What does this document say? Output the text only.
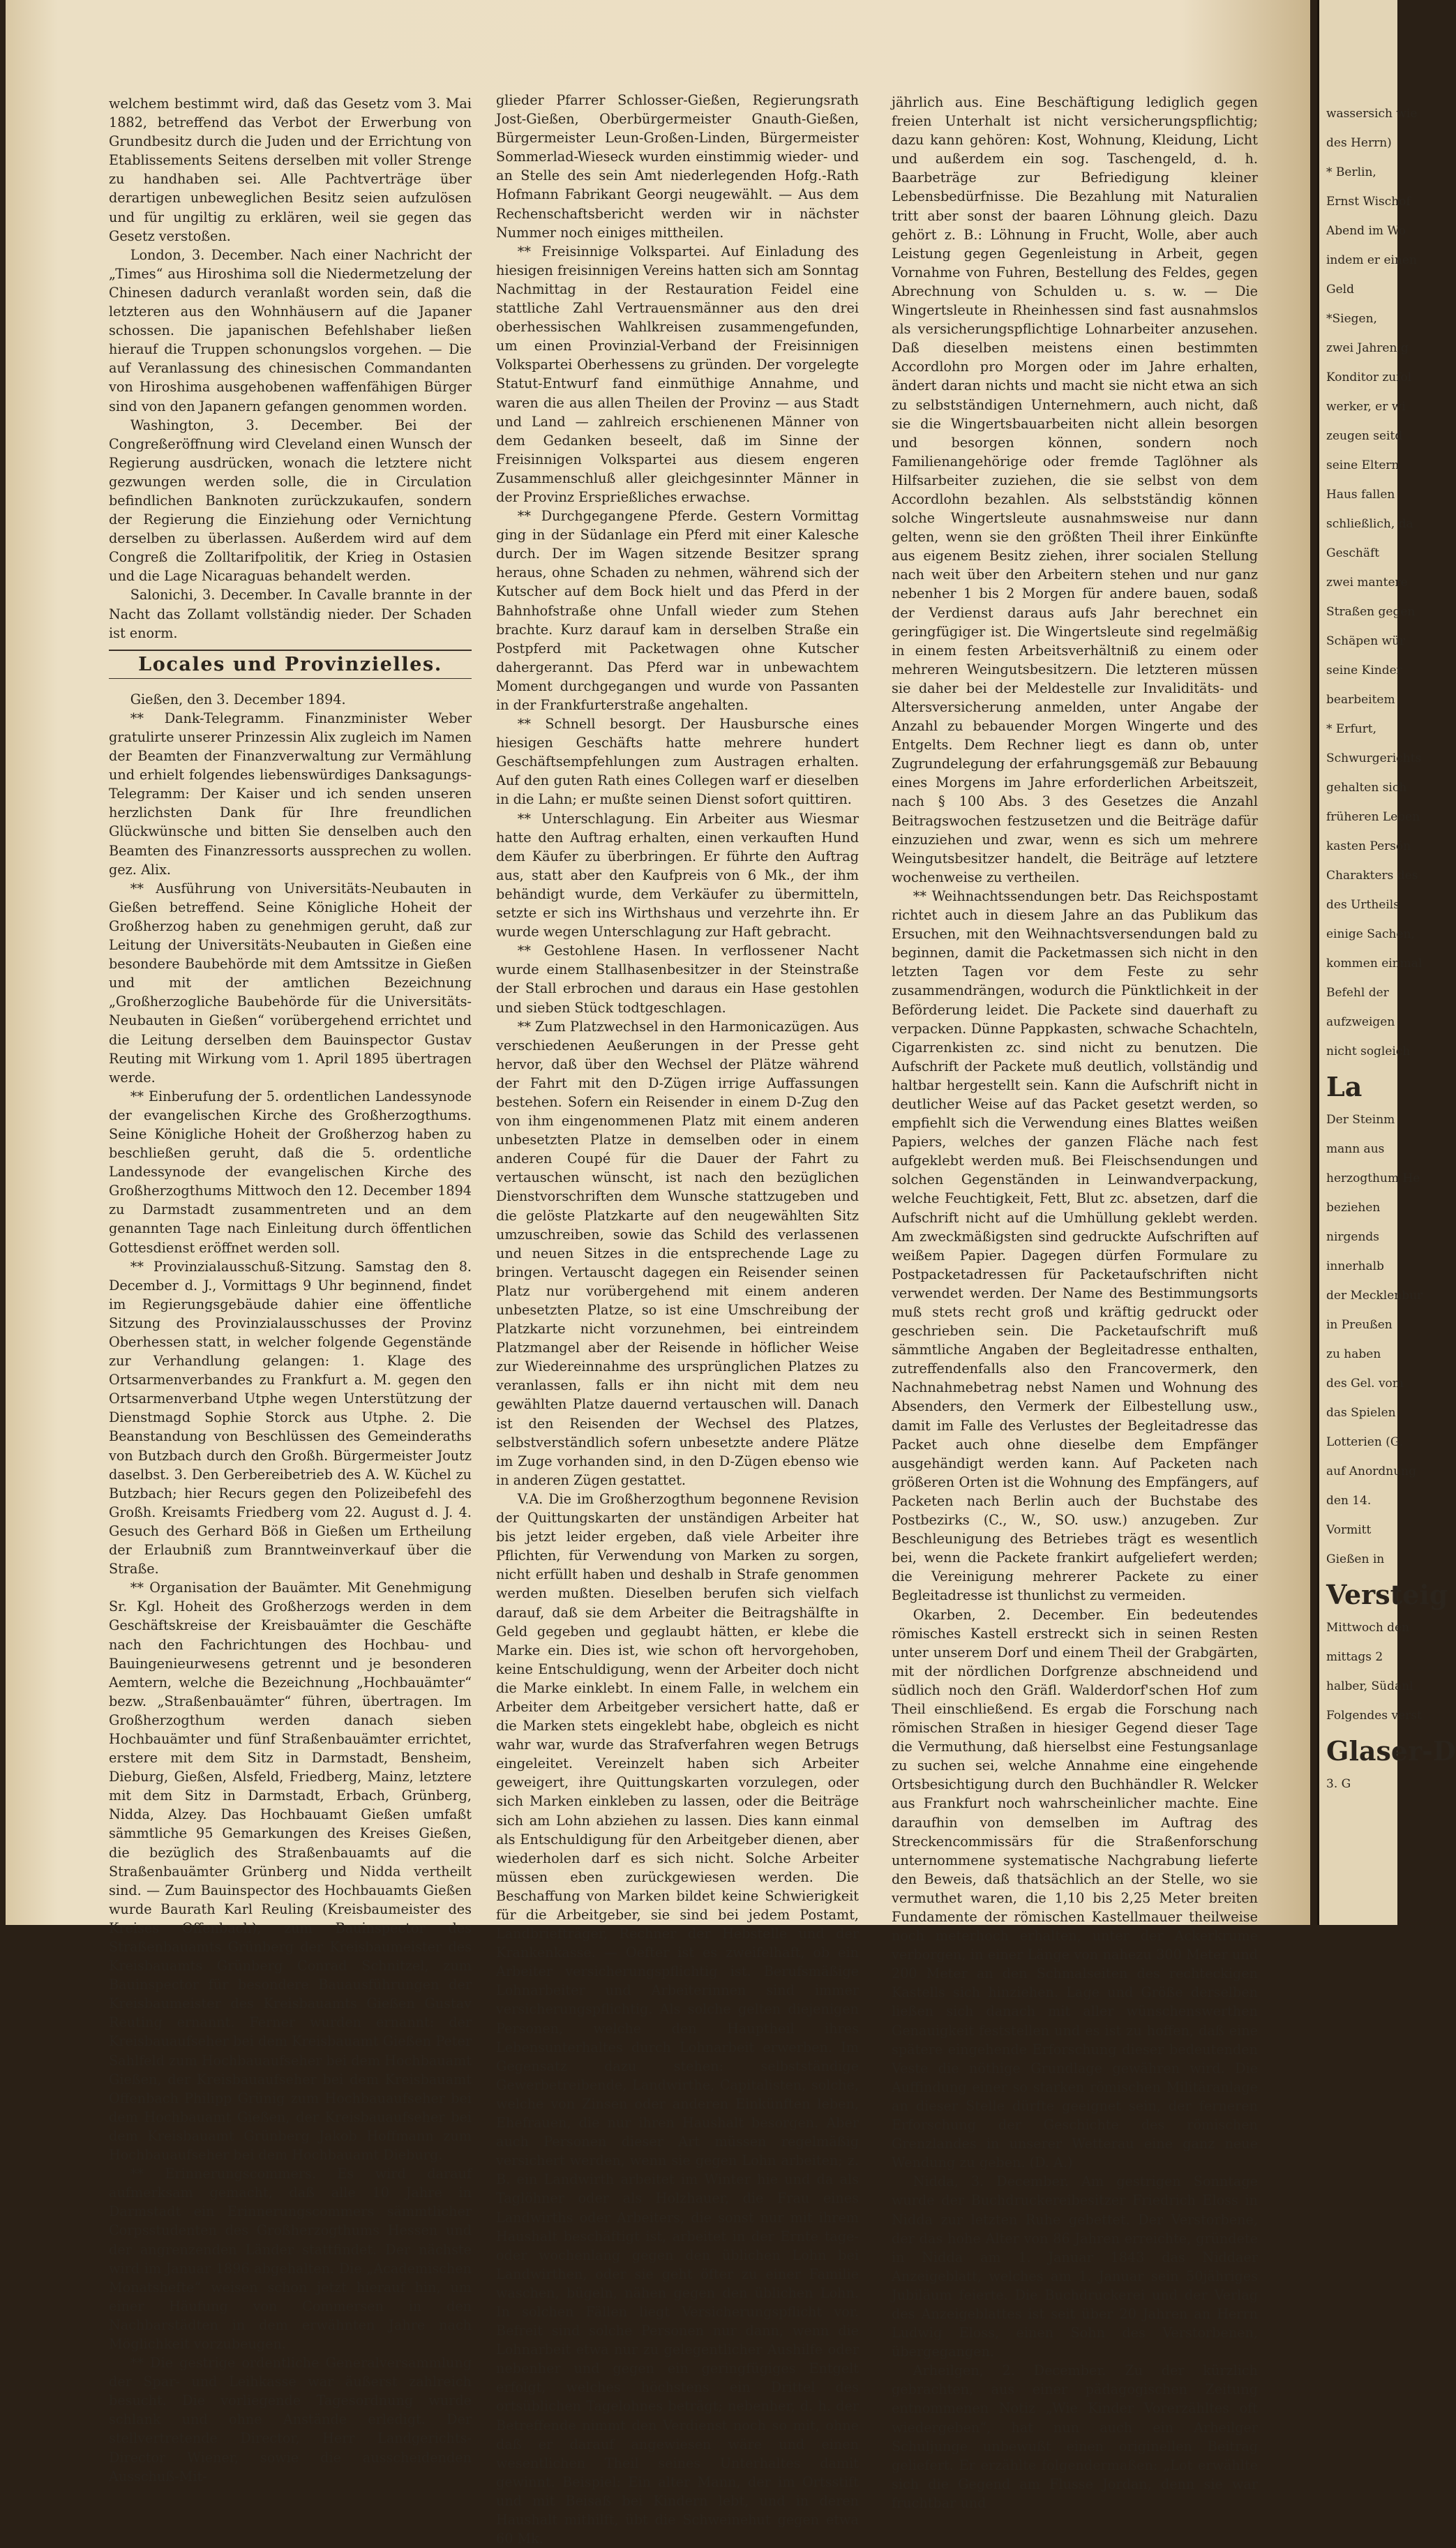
welchem bestimmt wird, daß das Gesetz vom 3. Mai 1882, betreffend das Verbot der Erwerbung von Grundbesitz durch die Juden und der Errichtung von Etablissements Seitens derselben mit voller Strenge zu handhaben sei. Alle Pachtverträge über derartigen unbeweglichen Besitz seien aufzulösen und für ungiltig zu erklären, weil sie gegen das Gesetz verstoßen.

London, 3. December. Nach einer Nachricht der „Times“ aus Hiroshima soll die Niedermetzelung der Chinesen dadurch veranlaßt worden sein, daß die letzteren aus den Wohnhäusern auf die Japaner schossen. Die japanischen Befehlshaber ließen hierauf die Truppen schonungslos vorgehen. — Die auf Veranlassung des chinesischen Commandanten von Hiroshima ausgehobenen waffenfähigen Bürger sind von den Japanern gefangen genommen worden.

Washington, 3. December. Bei der Congreßeröffnung wird Cleveland einen Wunsch der Regierung ausdrücken, wonach die letztere nicht gezwungen werden solle, die in Circulation befindlichen Banknoten zurückzukaufen, sondern der Regierung die Einziehung oder Vernichtung derselben zu überlassen. Außerdem wird auf dem Congreß die Zolltarifpolitik, der Krieg in Ostasien und die Lage Nicaraguas behandelt werden.

Salonichi, 3. December. In Cavalle brannte in der Nacht das Zollamt vollständig nieder. Der Schaden ist enorm.

Locales und Provinzielles.

Gießen, den 3. December 1894.

** Dank-Telegramm. Finanzminister Weber gratulirte unserer Prinzessin Alix zugleich im Namen der Beamten der Finanzverwaltung zur Vermählung und erhielt folgendes liebenswürdiges Danksagungs-Telegramm: Der Kaiser und ich senden unseren herzlichsten Dank für Ihre freundlichen Glückwünsche und bitten Sie denselben auch den Beamten des Finanzressorts aussprechen zu wollen. gez. Alix.

** Ausführung von Universitäts-Neubauten in Gießen betreffend. Seine Königliche Hoheit der Großherzog haben zu genehmigen geruht, daß zur Leitung der Universitäts-Neubauten in Gießen eine besondere Baubehörde mit dem Amtssitze in Gießen und mit der amtlichen Bezeichnung „Großherzogliche Baubehörde für die Universitäts-Neubauten in Gießen“ vorübergehend errichtet und die Leitung derselben dem Bauinspector Gustav Reuting mit Wirkung vom 1. April 1895 übertragen werde.

** Einberufung der 5. ordentlichen Landessynode der evangelischen Kirche des Großherzogthums. Seine Königliche Hoheit der Großherzog haben zu beschließen geruht, daß die 5. ordentliche Landessynode der evangelischen Kirche des Großherzogthums Mittwoch den 12. December 1894 zu Darmstadt zusammentreten und an dem genannten Tage nach Einleitung durch öffentlichen Gottesdienst eröffnet werden soll.

** Provinzialausschuß-Sitzung. Samstag den 8. December d. J., Vormittags 9 Uhr beginnend, findet im Regierungsgebäude dahier eine öffentliche Sitzung des Provinzialausschusses der Provinz Oberhessen statt, in welcher folgende Gegenstände zur Verhandlung gelangen: 1. Klage des Ortsarmenverbandes zu Frankfurt a. M. gegen den Ortsarmenverband Utphe wegen Unterstützung der Dienstmagd Sophie Storck aus Utphe. 2. Die Beanstandung von Beschlüssen des Gemeinderaths von Butzbach durch den Großh. Bürgermeister Joutz daselbst. 3. Den Gerbereibetrieb des A. W. Küchel zu Butzbach; hier Recurs gegen den Polizeibefehl des Großh. Kreisamts Friedberg vom 22. August d. J. 4. Gesuch des Gerhard Böß in Gießen um Ertheilung der Erlaubniß zum Branntweinverkauf über die Straße.

** Organisation der Bauämter. Mit Genehmigung Sr. Kgl. Hoheit des Großherzogs werden in dem Geschäftskreise der Kreisbauämter die Geschäfte nach den Fachrichtungen des Hochbau- und Bauingenieurwesens getrennt und je besonderen Aemtern, welche die Bezeichnung „Hochbauämter“ bezw. „Straßenbauämter“ führen, übertragen. Im Großherzogthum werden danach sieben Hochbauämter und fünf Straßenbauämter errichtet, erstere mit dem Sitz in Darmstadt, Bensheim, Dieburg, Gießen, Alsfeld, Friedberg, Mainz, letztere mit dem Sitz in Darmstadt, Erbach, Grünberg, Nidda, Alzey. Das Hochbauamt Gießen umfaßt sämmtliche 95 Gemarkungen des Kreises Gießen, die bezüglich des Straßenbauamts auf die Straßenbauämter Grünberg und Nidda vertheilt sind. — Zum Bauinspector des Hochbauamts Gießen wurde Baurath Karl Reuling (Kreisbaumeister des Kreises Offenbach), zum Bauinspector des Straßenbauamts Grünberg der Kreisbaumeister des Kreisbauamts Grünberg Conrad Schnitzel, zum Bauinspector für besondere Bauausführungen der Kreisbaumeister des Kreisbauamts Gießen Gustav Reuting ernannt. Ferner wurden ernannt: der Kreisbauaufseher bei dem Kreisbauamt Gießen Peter Sahlfeld zum Hochbauaufseher bei dem Hochbauamt Gießen, der Kreisbauaufseher bei dem Kreisbauamt Offenbach Philipp Grünig zum Hochbauaufseher bei dem Hochbauamt Gießen, der Kreisbauaufseher bei dem Kreisbauamt Grünberg Jakob Hoffmann zum Hochbauaufseher bei dem Hochbauamt Dieburg.

** Erinnerungscommers. Es wird darauf aufmerksam gemacht, daß alle 10 Jahre in Darmstadt ein Erinnerungscommers sämmtlicher Corpsstudenten des Großherzogthums Hessen und der angrenzenden Länder stattfindet. Der nächste wird im Januar 1896 abgehalten. Die „Academischen Monatshefte“ weisen schon jetzt hierauf hin, um einer Häufung von Commersen in den Nachbarstädten in dem erwähnten Jahre nach Möglichkeit vorzubeugen.

** Die gestrige ordentliche Generalversammlung der Spar- und Leihkasse war äußerst zahlreich besucht. Die vorliegende Tagesordnung wurde schlank und ohne Anstände erledigt. Der stellvertretende Director, Herr Landgerichts-Director Wiener, sowie die ausscheidenden Ausschuß-Mit-

glieder Pfarrer Schlosser-Gießen, Regierungsrath Jost-Gießen, Oberbürgermeister Gnauth-Gießen, Bürgermeister Leun-Großen-Linden, Bürgermeister Sommerlad-Wieseck wurden einstimmig wieder- und an Stelle des sein Amt niederlegenden Hofg.-Rath Hofmann Fabrikant Georgi neugewählt. — Aus dem Rechenschaftsbericht werden wir in nächster Nummer noch einiges mittheilen.

** Freisinnige Volkspartei. Auf Einladung des hiesigen freisinnigen Vereins hatten sich am Sonntag Nachmittag in der Restauration Feidel eine stattliche Zahl Vertrauensmänner aus den drei oberhessischen Wahlkreisen zusammengefunden, um einen Provinzial-Verband der Freisinnigen Volkspartei Oberhessens zu gründen. Der vorgelegte Statut-Entwurf fand einmüthige Annahme, und waren die aus allen Theilen der Provinz — aus Stadt und Land — zahlreich erschienenen Männer von dem Gedanken beseelt, daß im Sinne der Freisinnigen Volkspartei aus diesem engeren Zusammenschluß aller gleichgesinnter Männer in der Provinz Ersprießliches erwachse.

** Durchgegangene Pferde. Gestern Vormittag ging in der Südanlage ein Pferd mit einer Kalesche durch. Der im Wagen sitzende Besitzer sprang heraus, ohne Schaden zu nehmen, während sich der Kutscher auf dem Bock hielt und das Pferd in der Bahnhofstraße ohne Unfall wieder zum Stehen brachte. Kurz darauf kam in derselben Straße ein Postpferd mit Packetwagen ohne Kutscher dahergerannt. Das Pferd war in unbewachtem Moment durchgegangen und wurde von Passanten in der Frankfurterstraße angehalten.

** Schnell besorgt. Der Hausbursche eines hiesigen Geschäfts hatte mehrere hundert Geschäftsempfehlungen zum Austragen erhalten. Auf den guten Rath eines Collegen warf er dieselben in die Lahn; er mußte seinen Dienst sofort quittiren.

** Unterschlagung. Ein Arbeiter aus Wiesmar hatte den Auftrag erhalten, einen verkauften Hund dem Käufer zu überbringen. Er führte den Auftrag aus, statt aber den Kaufpreis von 6 Mk., der ihm behändigt wurde, dem Verkäufer zu übermitteln, setzte er sich ins Wirthshaus und verzehrte ihn. Er wurde wegen Unterschlagung zur Haft gebracht.

** Gestohlene Hasen. In verflossener Nacht wurde einem Stallhasenbesitzer in der Steinstraße der Stall erbrochen und daraus ein Hase gestohlen und sieben Stück todtgeschlagen.

** Zum Platzwechsel in den Harmonicazügen. Aus verschiedenen Aeußerungen in der Presse geht hervor, daß über den Wechsel der Plätze während der Fahrt mit den D-Zügen irrige Auffassungen bestehen. Sofern ein Reisender in einem D-Zug den von ihm eingenommenen Platz mit einem anderen unbesetzten Platze in demselben oder in einem anderen Coupé für die Dauer der Fahrt zu vertauschen wünscht, ist nach den bezüglichen Dienstvorschriften dem Wunsche stattzugeben und die gelöste Platzkarte auf den neugewählten Sitz umzuschreiben, sowie das Schild des verlassenen und neuen Sitzes in die entsprechende Lage zu bringen. Vertauscht dagegen ein Reisender seinen Platz nur vorübergehend mit einem anderen unbesetzten Platze, so ist eine Umschreibung der Platzkarte nicht vorzunehmen, bei eintreindem Platzmangel aber der Reisende in höflicher Weise zur Wiedereinnahme des ursprünglichen Platzes zu veranlassen, falls er ihn nicht mit dem neu gewählten Platze dauernd vertauschen will. Danach ist den Reisenden der Wechsel des Platzes, selbstverständlich sofern unbesetzte andere Plätze im Zuge vorhanden sind, in den D-Zügen ebenso wie in anderen Zügen gestattet.

V.A. Die im Großherzogthum begonnene Revision der Quittungskarten der unständigen Arbeiter hat bis jetzt leider ergeben, daß viele Arbeiter ihre Pflichten, für Verwendung von Marken zu sorgen, nicht erfüllt haben und deshalb in Strafe genommen werden mußten. Dieselben berufen sich vielfach darauf, daß sie dem Arbeiter die Beitragshälfte in Geld gegeben und geglaubt hätten, er klebe die Marke ein. Dies ist, wie schon oft hervorgehoben, keine Entschuldigung, wenn der Arbeiter doch nicht die Marke einklebt. In einem Falle, in welchem ein Arbeiter dem Arbeitgeber versichert hatte, daß er die Marken stets eingeklebt habe, obgleich es nicht wahr war, wurde das Strafverfahren wegen Betrugs eingeleitet. Vereinzelt haben sich Arbeiter geweigert, ihre Quittungskarten vorzulegen, oder sich Marken einkleben zu lassen, oder die Beiträge sich am Lohn abziehen zu lassen. Dies kann einmal als Entschuldigung für den Arbeitgeber dienen, aber wiederholen darf es sich nicht. Solche Arbeiter müssen eben zurückgewiesen werden. Die Beschaffung von Marken bildet keine Schwierigkeit für die Arbeitgeber, sie sind bei jedem Postamt, Landbriefträger, Rechner der Hebstelle und der Krankenkasse. — Oefter ist es zweifelhaft, ob ein Arbeiter versicherungspflichtig ist. Berufsmäßige Lohnarbeiter und Arbeiterinnen sind immer versicherungspflichtig. Als solche gelten diejenigen Personen, welche den Hauptheil ihres Lebensunterhaltes durch Lohnarbeit erwerben. Im Gegensatz dazu stehen: selbstständige Gewerbetreibende, Landwirthe, Capitalisten, solche, welche von Zinsen oder anderen Einkünften leben, Ehefrauen, die nur ihren Haushalt besorgen. Aber auch Personen dieser Art müssen regelmäßig versichert werden, wenn sie gegen Lohn arbeiten; z. B. ein Landwirth arbeitet im Winter hie und da als Taglöhner oder als Holzhauer, die Frau eines Landwirths oder Arbeiters, die sonst nur mit ihrem Haushalt beschäftigt ist, arbeitet in der Ernte tage- oder wochenlang gegen den üblichen Lohn bei Landwirthen, oder sie geht öfter zu einer Familie waschen, bügeln, nähen gegen den üblichen Lohn. In solchen Fällen liegt Versicherungspflicht vor. Befreit sind solche Personen nur dann, wenn die Lohnarbeit etwa nur zu gelegentlicher Aushilfe oder nebenher und gegen ein geringfügiges Entgelt erfolgt, welches höchstens ein Drittel des ortsüblichen Tagelohnes beträgt; nebenher, d. h. der Betreffende nimmt den Verdienst noch so mit, ohne daß er darauf angewiesen wäre und einen wesentlichen Theil seines Unterhaltes damit gewinnt. Beispiel: Ein alter Mann, der im Ortsstift und mit Beisaß bei Kindern lebt, und in deren Haushalt mithilft, übt die Schweinehut gegen etwa 60 Mk.

jährlich aus. Eine Beschäftigung lediglich gegen freien Unterhalt ist nicht versicherungspflichtig; dazu kann gehören: Kost, Wohnung, Kleidung, Licht und außerdem ein sog. Taschengeld, d. h. Baarbeträge zur Befriedigung kleiner Lebensbedürfnisse. Die Bezahlung mit Naturalien tritt aber sonst der baaren Löhnung gleich. Dazu gehört z. B.: Löhnung in Frucht, Wolle, aber auch Leistung gegen Gegenleistung in Arbeit, gegen Vornahme von Fuhren, Bestellung des Feldes, gegen Abrechnung von Schulden u. s. w. — Die Wingertsleute in Rheinhessen sind fast ausnahmslos als versicherungspflichtige Lohnarbeiter anzusehen. Daß dieselben meistens einen bestimmten Accordlohn pro Morgen oder im Jahre erhalten, ändert daran nichts und macht sie nicht etwa an sich zu selbstständigen Unternehmern, auch nicht, daß sie die Wingertsbauarbeiten nicht allein besorgen und besorgen können, sondern noch Familienangehörige oder fremde Taglöhner als Hilfsarbeiter zuziehen, die sie selbst von dem Accordlohn bezahlen. Als selbstständig können solche Wingertsleute ausnahmsweise nur dann gelten, wenn sie den größten Theil ihrer Einkünfte aus eigenem Besitz ziehen, ihrer socialen Stellung nach weit über den Arbeitern stehen und nur ganz nebenher 1 bis 2 Morgen für andere bauen, sodaß der Verdienst daraus aufs Jahr berechnet ein geringfügiger ist. Die Wingertsleute sind regelmäßig in einem festen Arbeitsverhältniß zu einem oder mehreren Weingutsbesitzern. Die letzteren müssen sie daher bei der Meldestelle zur Invaliditäts- und Altersversicherung anmelden, unter Angabe der Anzahl zu bebauender Morgen Wingerte und des Entgelts. Dem Rechner liegt es dann ob, unter Zugrundelegung der erfahrungsgemäß zur Bebauung eines Morgens im Jahre erforderlichen Arbeitszeit, nach § 100 Abs. 3 des Gesetzes die Anzahl Beitragswochen festzusetzen und die Beiträge dafür einzuziehen und zwar, wenn es sich um mehrere Weingutsbesitzer handelt, die Beiträge auf letztere wochenweise zu vertheilen.

** Weihnachtssendungen betr. Das Reichspostamt richtet auch in diesem Jahre an das Publikum das Ersuchen, mit den Weihnachtsversendungen bald zu beginnen, damit die Packetmassen sich nicht in den letzten Tagen vor dem Feste zu sehr zusammendrängen, wodurch die Pünktlichkeit in der Beförderung leidet. Die Packete sind dauerhaft zu verpacken. Dünne Pappkasten, schwache Schachteln, Cigarrenkisten zc. sind nicht zu benutzen. Die Aufschrift der Packete muß deutlich, vollständig und haltbar hergestellt sein. Kann die Aufschrift nicht in deutlicher Weise auf das Packet gesetzt werden, so empfiehlt sich die Verwendung eines Blattes weißen Papiers, welches der ganzen Fläche nach fest aufgeklebt werden muß. Bei Fleischsendungen und solchen Gegenständen in Leinwandverpackung, welche Feuchtigkeit, Fett, Blut zc. absetzen, darf die Aufschrift nicht auf die Umhüllung geklebt werden. Am zweckmäßigsten sind gedruckte Aufschriften auf weißem Papier. Dagegen dürfen Formulare zu Postpacketadressen für Packetaufschriften nicht verwendet werden. Der Name des Bestimmungsorts muß stets recht groß und kräftig gedruckt oder geschrieben sein. Die Packetaufschrift muß sämmtliche Angaben der Begleitadresse enthalten, zutreffendenfalls also den Francovermerk, den Nachnahmebetrag nebst Namen und Wohnung des Absenders, den Vermerk der Eilbestellung usw., damit im Falle des Verlustes der Begleitadresse das Packet auch ohne dieselbe dem Empfänger ausgehändigt werden kann. Auf Packeten nach größeren Orten ist die Wohnung des Empfängers, auf Packeten nach Berlin auch der Buchstabe des Postbezirks (C., W., SO. usw.) anzugeben. Zur Beschleunigung des Betriebes trägt es wesentlich bei, wenn die Packete frankirt aufgeliefert werden; die Vereinigung mehrerer Packete zu einer Begleitadresse ist thunlichst zu vermeiden.

Okarben, 2. December. Ein bedeutendes römisches Kastell erstreckt sich in seinen Resten unter unserem Dorf und einem Theil der Grabgärten, mit der nördlichen Dorfgrenze abschneidend und südlich noch den Gräfl. Walderdorf'schen Hof zum Theil einschließend. Es ergab die Forschung nach römischen Straßen in hiesiger Gegend dieser Tage die Vermuthung, daß hierselbst eine Festungsanlage zu suchen sei, welche Annahme eine eingehende Ortsbesichtigung durch den Buchhändler R. Welcker aus Frankfurt noch wahrscheinlicher machte. Eine daraufhin von demselben im Auftrag des Streckencommissärs für die Straßenforschung unternommene systematische Nachgrabung lieferte den Beweis, daß thatsächlich an der Stelle, wo sie vermuthet waren, die 1,10 bis 2,25 Meter breiten Fundamente der römischen Kastellmauer theilweise noch meterhoch erhalten, unter der Ackerkrume verborgen, in einer Länge von nahezu 300 Meter und 200 Meter an den Schmalseiten des rechteckigen Kastells sich hinziehen. Lage und Größe derselben ließen sich danach mit aller wünschenswerthen Genauigkeit feststellen und es ist zu hoffen, daß eine spätere eingehende Erforschung dieser bedeutenden Veste die nöthige Grundlage gewähren wird. Die Auffindung einer so starken römischen Militäranlage an dieser Stelle dürfte geeignet sein, der ferneren Erforschung der Geschichte des römischen Grenzlandes in unserer Wetterau eine ganz neue Wendung zu geben. (D. A.)

Nidda, 3. December. Am gestrigen Sonntage wurde der Buchdruckereibesitzer Friedrich Eloss in Nidda zur letzten Ruhe gebettet. Der Verstorbene, der das hohe Alter von 86 Jahren erreichte, gründete in Nidda am 1. Januar 1843 das Niddaer Anzeigeblatt, welches am 1. Januar sein 50jähriges Jubiläum feierte. Die Buchdruckerei und der Verlag des Anzeigeblattes ist seit über 20 Jahren an Herrn Ludwig Eloss, einen Sohn des Verstorbenen, übergegangen.

Arheilgen, 2. December. Zu der kürzlich gebrachten, aus einer pädagogischen Zeitung entnommenen Notiz „Wie Kinder Vorerzähltes oft wiedergeben“, hat nun auch ein Arheilger Schuljunge unbewußt einen originellen Beitrag geliefert. Er erzählte folgendermaßen: „Lot erwählte sich die Gegend am Flusse Jordan, denn sie war fruchtbar und

wassersich wie
des Herrn)
* Berlin,
Ernst Wischof
Abend im Wo
indem er einen
Geld
*Siegen,
zwei Jahren g
Konditor zufol
werker, er wi
zeugen seitd
seine Eltern
Haus fallen
schließlich, da
Geschäft
zwei mantere
Straßen gegen
Schäpen wür
seine Kinder
bearbeitem
* Erfurt,
Schwurgerichts
gehalten sich
früheren Leben
kasten Persön
Charakters des
des Urtheils
einige Sachen,
kommen einmal
Befehl der
aufzweigen
nicht sogleich
La
Der Steinm
mann aus
herzogthum He
beziehen
nirgends
innerhalb
der Mecklenbur
in Preußen
zu haben
des Gel. vom
das Spielen
Lotterien (G.
auf Anordnung
den 14.
Vormitt
Gießen in
Versteig
Mittwoch den
mittags 2
halber, Südanl
Folgendes verst
Glaser-D
3. G
